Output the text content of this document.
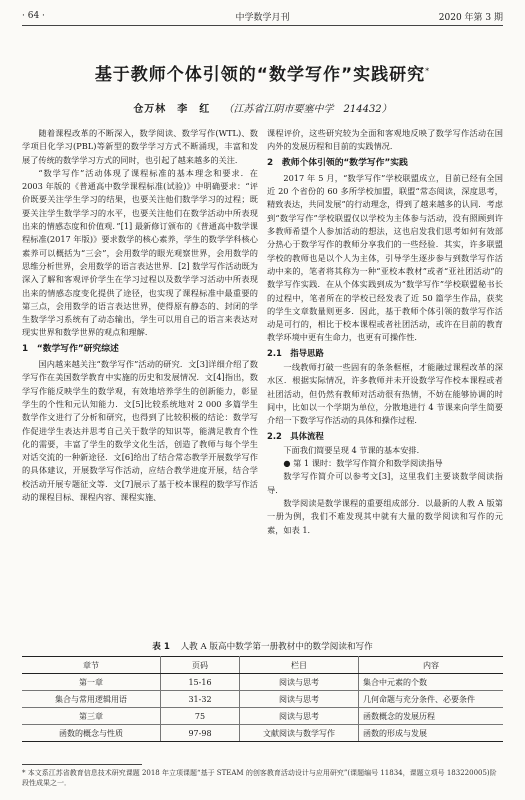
· 64 ·	中学数学月刊	2020 年第 3 期
基于教师个体引领的“数学写作”实践研究*
仓万林　李　红 （江苏省江阴市要塞中学　214432）

随着课程改革的不断深入，数学阅读、数学写作(WTL)、数学项目化学习(PBL)等新型的数学学习方式不断涌现，丰富和发展了传统的数学学习方式的同时，也引起了越来越多的关注．

“数学写作”活动体现了课程标准的基本理念和要求．在 2003 年版的《普通高中数学课程标准(试验)》中明确要求：“评价既要关注学生学习的结果，也要关注他们数学学习的过程；既要关注学生数学学习的水平，也要关注他们在数学活动中所表现出来的情感态度和价值观．”[1] 最新修订颁布的《普通高中数学课程标准(2017 年版)》要求数学的核心素养，学生的数学学科核心素养可以概括为“三会”，会用数学的眼光观察世界，会用数学的思维分析世界，会用数学的语言表达世界．[2] 数学写作活动既为深入了解和客观评价学生在学习过程以及数学学习活动中所表现出来的情感态度变化提供了途径，也实现了课程标准中最重要的第三点，会用数学的语言表达世界，使得原有静态的、封闭的学生数学学习系统有了动态输出，学生可以用自己的语言来表达对现实世界和数学世界的观点和理解．

1　“数学写作”研究综述

国内越来越关注“数学写作”活动的研究．文[3]详细介绍了数学写作在美国数学教育中实施的历史和发展情况．文[4]指出，数学写作能反映学生的数学观，有效地培养学生的创新能力，彰显学生的个性和元认知能力．文[5]比较系统地对 2 000 多篇学生数学作文进行了分析和研究，也得到了比较积极的结论：数学写作促进学生表达并思考自己关于数学的知识等，能满足教育个性化的需要，丰富了学生的数学文化生活，创造了教师与每个学生对话交流的一种新途径．文[6]给出了结合常态教学开展数学写作的具体建议，开展数学写作活动，应结合教学进度开展，结合学校活动开展专题征文等．文[7]展示了基于校本课程的数学写作活动的课程目标、课程内容、课程实施、

课程评价，这些研究较为全面和客观地反映了数学写作活动在国内外的发展历程和目前的实践情况．

2　教师个体引领的“数学写作”实践

2017 年 5 月，“数学写作”学校联盟成立，目前已经有全国近 20 个省份的 60 多所学校加盟，联盟“常态阅读，深度思考，精致表达，共同发展”的行动理念，得到了越来越多的认同．考虑到“数学写作”学校联盟仅以学校为主体参与活动，没有照顾到许多教师希望个人参加活动的想法，这也启发我们思考如何有效部分热心于数学写作的教师分享我们的一些经验．其实，许多联盟学校的教师也是以个人为主体，引导学生逐步参与到数学写作活动中来的，笔者将其称为一种“亚校本教材”或者“亚社团活动”的数学写作实践．在从个体实践到成为“数学写作”学校联盟秘书长的过程中，笔者所在的学校已经发表了近 50 篇学生作品，获奖的学生文章数量则更多．因此，基于教师个体引领的数学写作活动是可行的，相比于校本课程或者社团活动，或许在目前的教育教学环境中更有生命力，也更有可操作性．

2.1　指导思路

一线教师打破一些固有的条条框框，才能融过课程改革的深水区．根据实际情况，许多教师并未开设数学写作校本课程或者社团活动，但仍然有教师对活动很有热情，不妨在能够协调的时间中，比如以一个学期为单位，分散地进行 4 节课来向学生简要介绍一下数学写作活动的具体和操作过程．

2.2　具体流程

下面我们简要呈现 4 节课的基本安排．

● 第 1 课时：数学写作简介和数学阅读指导

数学写作简介可以参考文[3]，这里我们主要谈数学阅读指导．

数学阅读是数学课程的重要组成部分．以最新的人教 A 版第一册为例，我们不难发现其中就有大量的数学阅读和写作的元素，如表 1．

表 1 人教 A 版高中数学第一册教材中的数学阅读和写作
章节	页码	栏目	内容
第一章	15-16	阅读与思考	集合中元素的个数
集合与常用逻辑用语	31-32	阅读与思考	几何命题与充分条件、必要条件
第三章	75	阅读与思考	函数概念的发展历程
函数的概念与性质	97-98	文献阅读与数学写作	函数的形成与发展
* 本文系江苏省教育信息技术研究课题 2018 年立项课题“基于 STEAM 的创客教育活动设计与应用研究”(课题编号 11834，课题立项号 183220005)阶段性成果之一．
